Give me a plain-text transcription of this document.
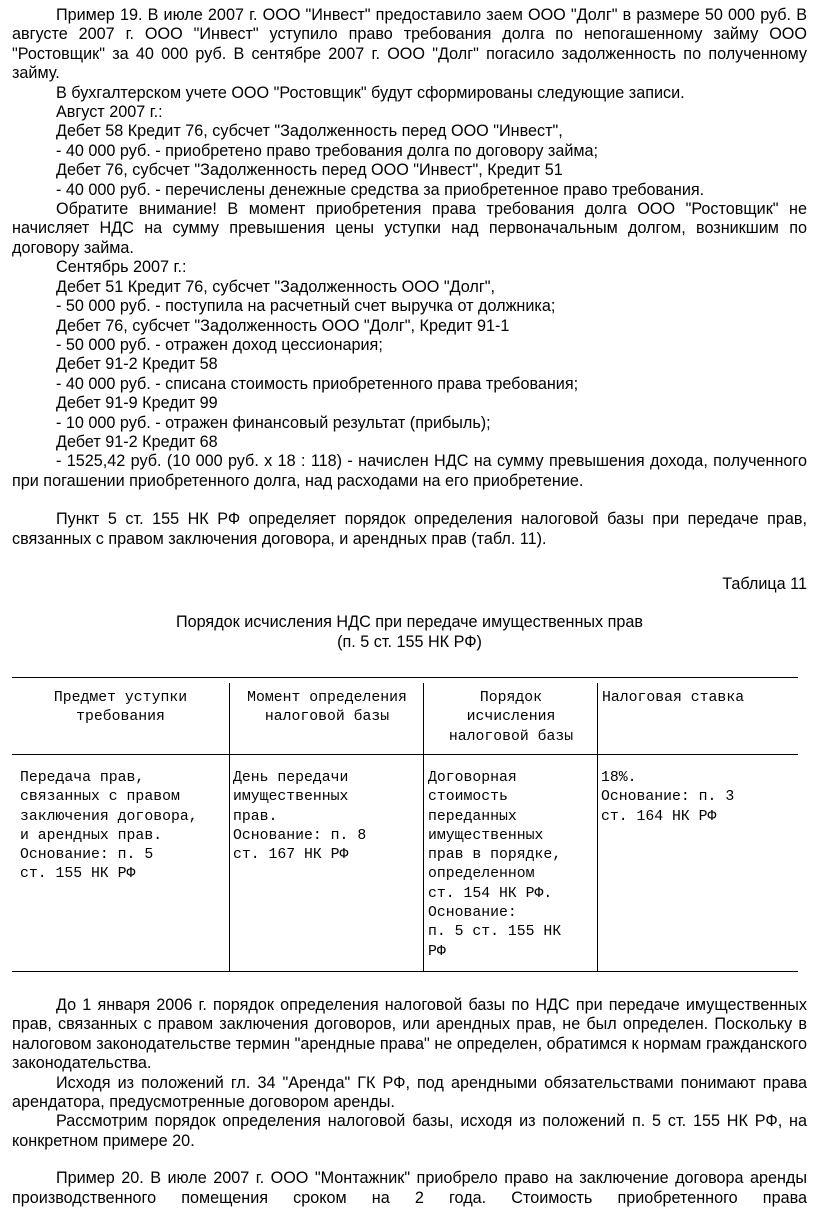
Пример 19. В июле 2007 г. ООО "Инвест" предоставило заем ООО "Долг" в размере 50 000 руб. В августе 2007 г. ООО "Инвест" уступило право требования долга по непогашенному займу ООО "Ростовщик" за 40 000 руб. В сентябре 2007 г. ООО "Долг" погасило задолженность по полученному займу.

В бухгалтерском учете ООО "Ростовщик" будут сформированы следующие записи.

Август 2007 г.:

Дебет 58 Кредит 76, субсчет "Задолженность перед ООО "Инвест",

- 40 000 руб. - приобретено право требования долга по договору займа;

Дебет 76, субсчет "Задолженность перед ООО "Инвест", Кредит 51

- 40 000 руб. - перечислены денежные средства за приобретенное право требования.

Обратите внимание! В момент приобретения права требования долга ООО "Ростовщик" не начисляет НДС на сумму превышения цены уступки над первоначальным долгом, возникшим по договору займа.

Сентябрь 2007 г.:

Дебет 51 Кредит 76, субсчет "Задолженность ООО "Долг",

- 50 000 руб. - поступила на расчетный счет выручка от должника;

Дебет 76, субсчет "Задолженность ООО "Долг", Кредит 91-1

- 50 000 руб. - отражен доход цессионария;

Дебет 91-2 Кредит 58

- 40 000 руб. - списана стоимость приобретенного права требования;

Дебет 91-9 Кредит 99

- 10 000 руб. - отражен финансовый результат (прибыль);

Дебет 91-2 Кредит 68

- 1525,42 руб. (10 000 руб. x 18 : 118) - начислен НДС на сумму превышения дохода, полученного при погашении приобретенного долга, над расходами на его приобретение.

Пункт 5 ст. 155 НК РФ определяет порядок определения налоговой базы при передаче прав, связанных с правом заключения договора, и арендных прав (табл. 11).

Таблица 11

Порядок исчисления НДС при передаче имущественных прав

(п. 5 ст. 155 НК РФ)

Предмет уступки
требования
Момент определения
налоговой базы
Порядок
исчисления
налоговой базы
Налоговая ставка
Передача прав,
связанных с правом
заключения договора,
и арендных прав.
Основание: п. 5
ст. 155 НК РФ
День передачи
имущественных
прав.
Основание: п. 8
ст. 167 НК РФ
Договорная
стоимость
переданных
имущественных
прав в порядке,
определенном
ст. 154 НК РФ.
Основание:
п. 5 ст. 155 НК
РФ
18%.
Основание: п. 3
ст. 164 НК РФ

До 1 января 2006 г. порядок определения налоговой базы по НДС при передаче имущественных прав, связанных с правом заключения договоров, или арендных прав, не был определен. Поскольку в налоговом законодательстве термин "арендные права" не определен, обратимся к нормам гражданского законодательства.

Исходя из положений гл. 34 "Аренда" ГК РФ, под арендными обязательствами понимают права арендатора, предусмотренные договором аренды.

Рассмотрим порядок определения налоговой базы, исходя из положений п. 5 ст. 155 НК РФ, на конкретном примере 20.

Пример 20. В июле 2007 г. ООО "Монтажник" приобрело право на заключение договора аренды производственного помещения сроком на 2 года. Стоимость приобретенного права
